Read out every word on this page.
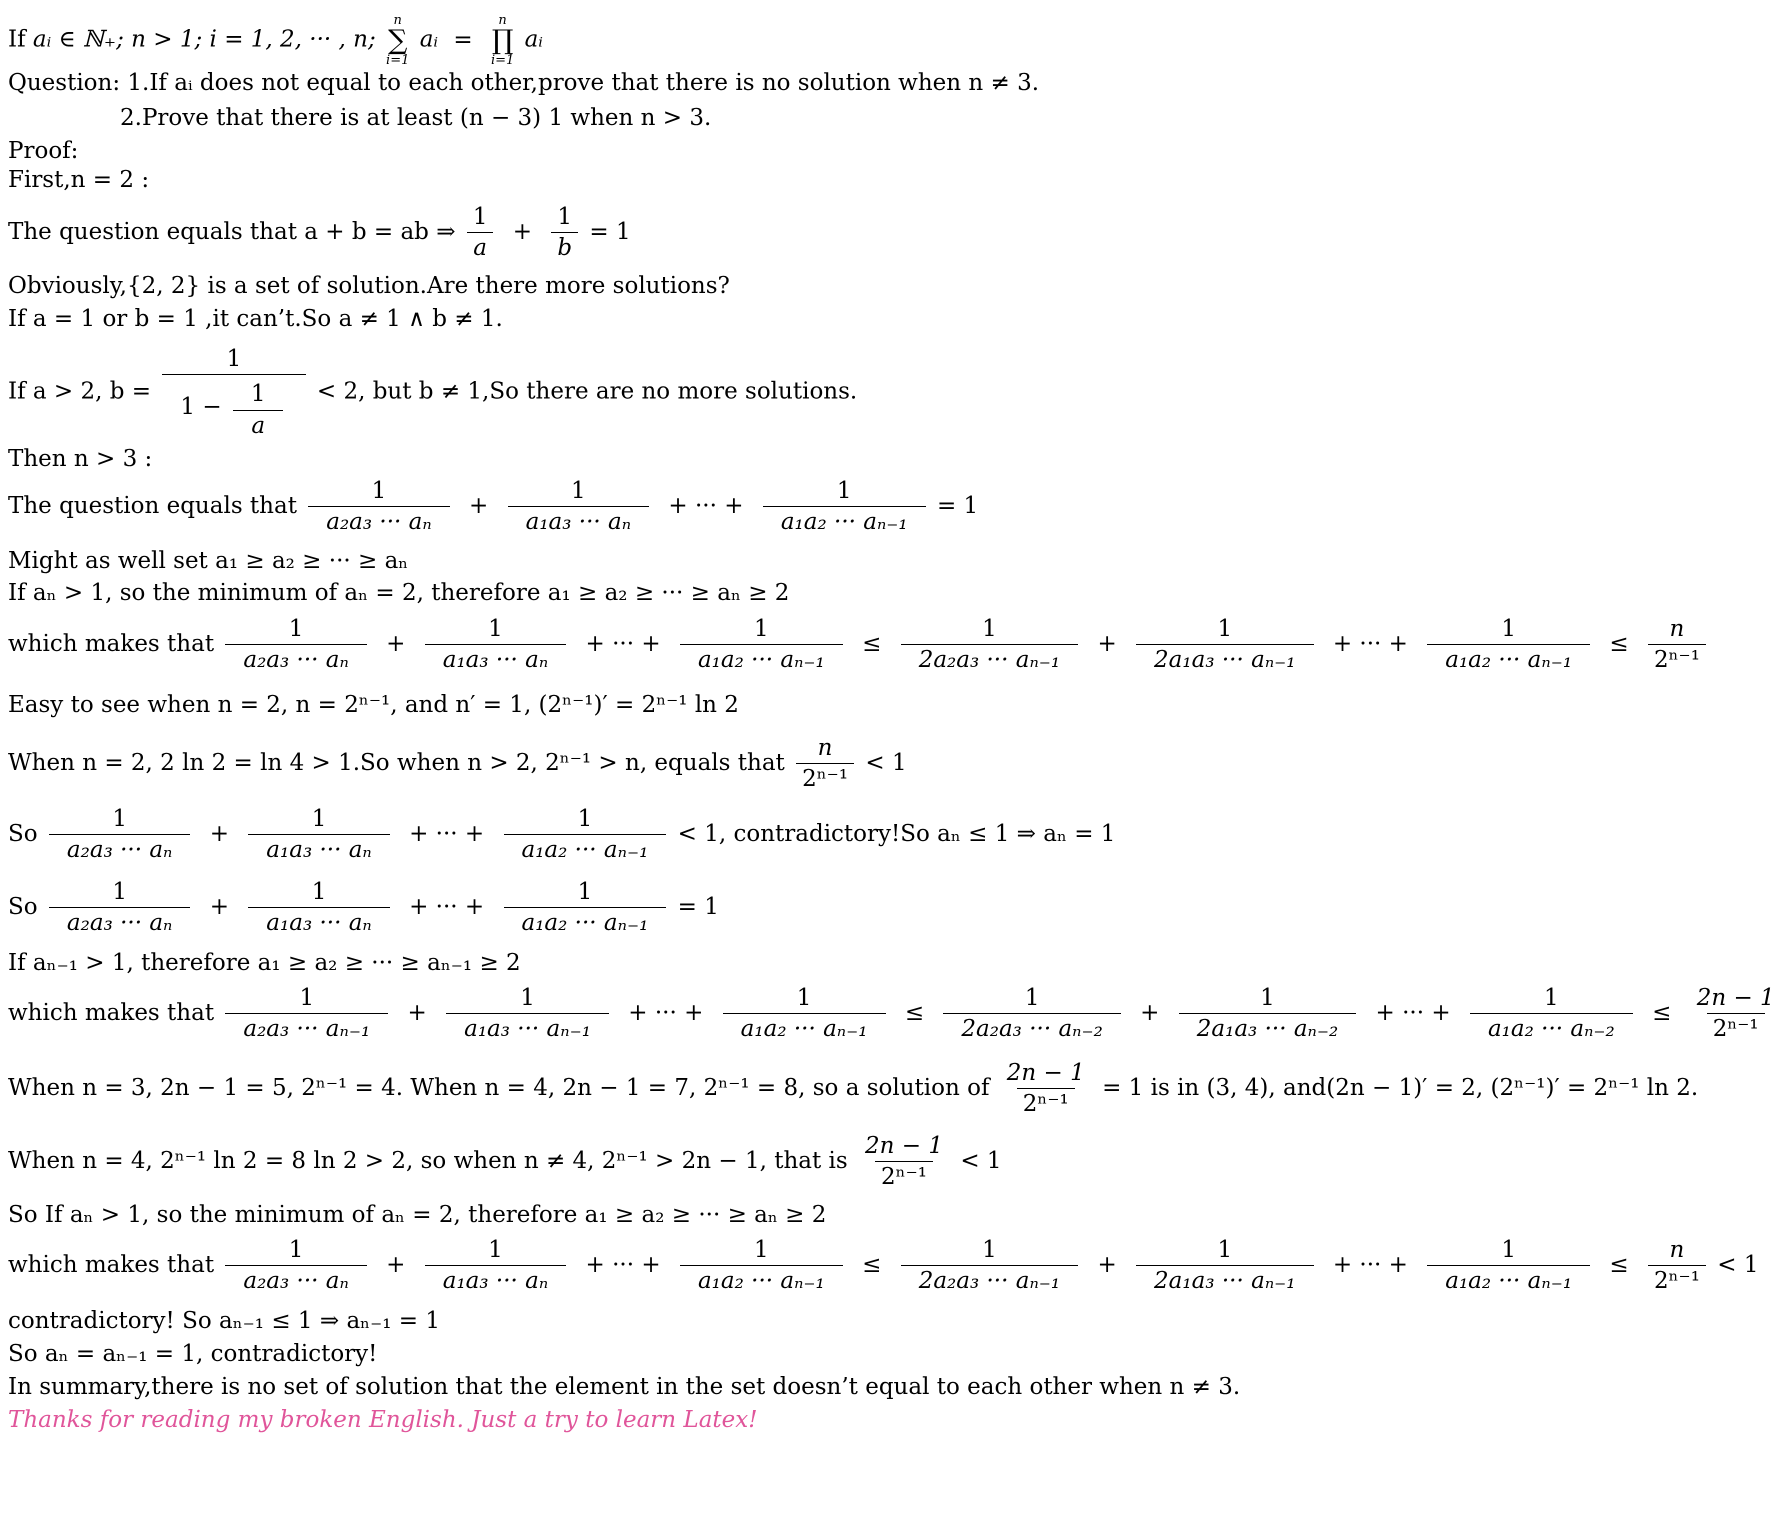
If aᵢ ∈ ℕ₊; n > 1; i = 1, 2, ··· , n;
n
∑
i=1
aᵢ =
n
∏
i=1
aᵢ
Question: 1.If aᵢ does not equal to each other,prove that there is no solution when n ≠ 3.
2.Prove that there is at least (n − 3) 1 when n > 3.
Proof:
First,n = 2 :
The question equals that a + b = ab ⇒ $\frac{1}{a} + \frac{1}{b} = 1$
Obviously,{2, 2} is a set of solution.Are there more solutions?
If a = 1 or b = 1 ,it can’t.So a ≠ 1 ∧ b ≠ 1.
If a > 2, $b = \frac{1}{1 - \frac{1}{a}} < 2$, but b ≠ 1,So there are no more solutions.
Then n > 3 :
The question equals that $\frac{1}{\text{a₂a₃ ··· aₙ}} + \frac{1}{\text{a₁a₃ ··· aₙ}}$ + ··· + $\frac{1}{\text{a₁a₂ ··· aₙ₋₁}} = 1$
Might as well set a₁ ≥ a₂ ≥ ··· ≥ aₙ
If aₙ > 1, so the minimum of aₙ = 2, therefore a₁ ≥ a₂ ≥ ··· ≥ aₙ ≥ 2
which makes that $\frac{1}{\text{a₂a₃ ··· aₙ}} + \frac{1}{\text{a₁a₃ ··· aₙ}}$ + ··· + $\frac{1}{\text{a₁a₂ ··· aₙ₋₁}} \le \frac{1}{\text{2a₂a₃ ··· aₙ₋₁}} + \frac{1}{\text{2a₁a₃ ··· aₙ₋₁}}$ + ··· + $\frac{1}{\text{a₁a₂ ··· aₙ₋₁}} \le \frac{n}{\text{2ⁿ⁻¹}}$
Easy to see when n = 2, n = 2ⁿ⁻¹, and n′ = 1, (2ⁿ⁻¹)′ = 2ⁿ⁻¹ ln 2
When n = 2, 2 ln 2 = ln 4 > 1.So when n > 2, 2ⁿ⁻¹ > n, equals that $\frac{n}{\text{2ⁿ⁻¹}} < 1$
So $\frac{1}{\text{a₂a₃ ··· aₙ}} + \frac{1}{\text{a₁a₃ ··· aₙ}}$ + ··· + $\frac{1}{\text{a₁a₂ ··· aₙ₋₁}} < 1$, contradictory!So aₙ ≤ 1 ⇒ aₙ = 1
So $\frac{1}{\text{a₂a₃ ··· aₙ}} + \frac{1}{\text{a₁a₃ ··· aₙ}}$ + ··· + $\frac{1}{\text{a₁a₂ ··· aₙ₋₁}} = 1$
If aₙ₋₁ > 1, therefore a₁ ≥ a₂ ≥ ··· ≥ aₙ₋₁ ≥ 2
which makes that $\frac{1}{\text{a₂a₃ ··· aₙ₋₁}} + \frac{1}{\text{a₁a₃ ··· aₙ₋₁}}$ + ··· + $\frac{1}{\text{a₁a₂ ··· aₙ₋₁}} \le \frac{1}{\text{2a₂a₃ ··· aₙ₋₂}} + \frac{1}{\text{2a₁a₃ ··· aₙ₋₂}}$ + ··· + $\frac{1}{\text{a₁a₂ ··· aₙ₋₂}} \le \frac{2n - 1}{\text{2ⁿ⁻¹}}$
When n = 3, 2n − 1 = 5, 2ⁿ⁻¹ = 4. When n = 4, 2n − 1 = 7, 2ⁿ⁻¹ = 8, so a solution of $\frac{2n - 1}{\text{2ⁿ⁻¹}} = 1$ is in (3, 4), and(2n − 1)′ = 2, (2ⁿ⁻¹)′ = 2ⁿ⁻¹ ln 2.
When n = 4, 2ⁿ⁻¹ ln 2 = 8 ln 2 > 2, so when n ≠ 4, 2ⁿ⁻¹ > 2n − 1, that is $\frac{2n - 1}{\text{2ⁿ⁻¹}} < 1$
So If aₙ > 1, so the minimum of aₙ = 2, therefore a₁ ≥ a₂ ≥ ··· ≥ aₙ ≥ 2
which makes that $\frac{1}{\text{a₂a₃ ··· aₙ}} + \frac{1}{\text{a₁a₃ ··· aₙ}}$ + ··· + $\frac{1}{\text{a₁a₂ ··· aₙ₋₁}} \le \frac{1}{\text{2a₂a₃ ··· aₙ₋₁}} + \frac{1}{\text{2a₁a₃ ··· aₙ₋₁}}$ + ··· + $\frac{1}{\text{a₁a₂ ··· aₙ₋₁}} \le \frac{n}{\text{2ⁿ⁻¹}} < 1$
contradictory! So aₙ₋₁ ≤ 1 ⇒ aₙ₋₁ = 1
So aₙ = aₙ₋₁ = 1, contradictory!
In summary,there is no set of solution that the element in the set doesn’t equal to each other when n ≠ 3.
Thanks for reading my broken English. Just a try to learn Latex!
